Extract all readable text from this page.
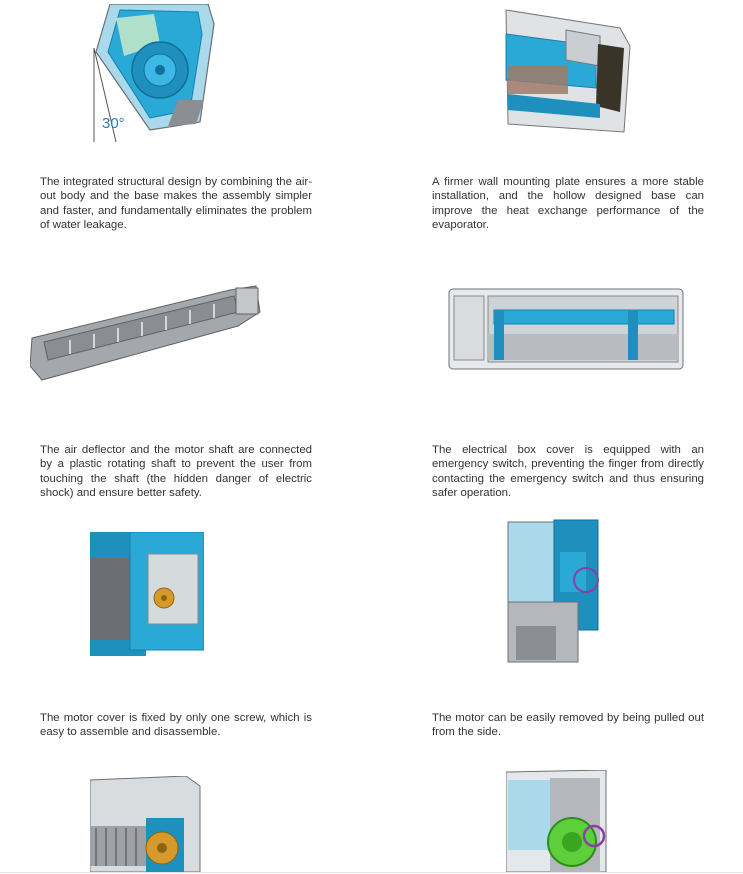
30°

The integrated structural design by combining the air-out body and the base makes the assembly simpler and faster, and fundamentally eliminates the problem of water leakage.

A firmer wall mounting plate ensures a more stable installation, and the hollow designed base can improve the heat exchange performance of the evaporator.

The air deflector and the motor shaft are connected by a plastic rotating shaft to prevent the user from touching the shaft (the hidden danger of electric shock) and ensure better safety.

The electrical box cover is equipped with an emergency switch, preventing the finger from directly contacting the emergency switch and thus ensuring safer operation.

The motor cover is fixed by only one screw, which is easy to assemble and disassemble.

The motor can be easily removed by being pulled out from the side.
